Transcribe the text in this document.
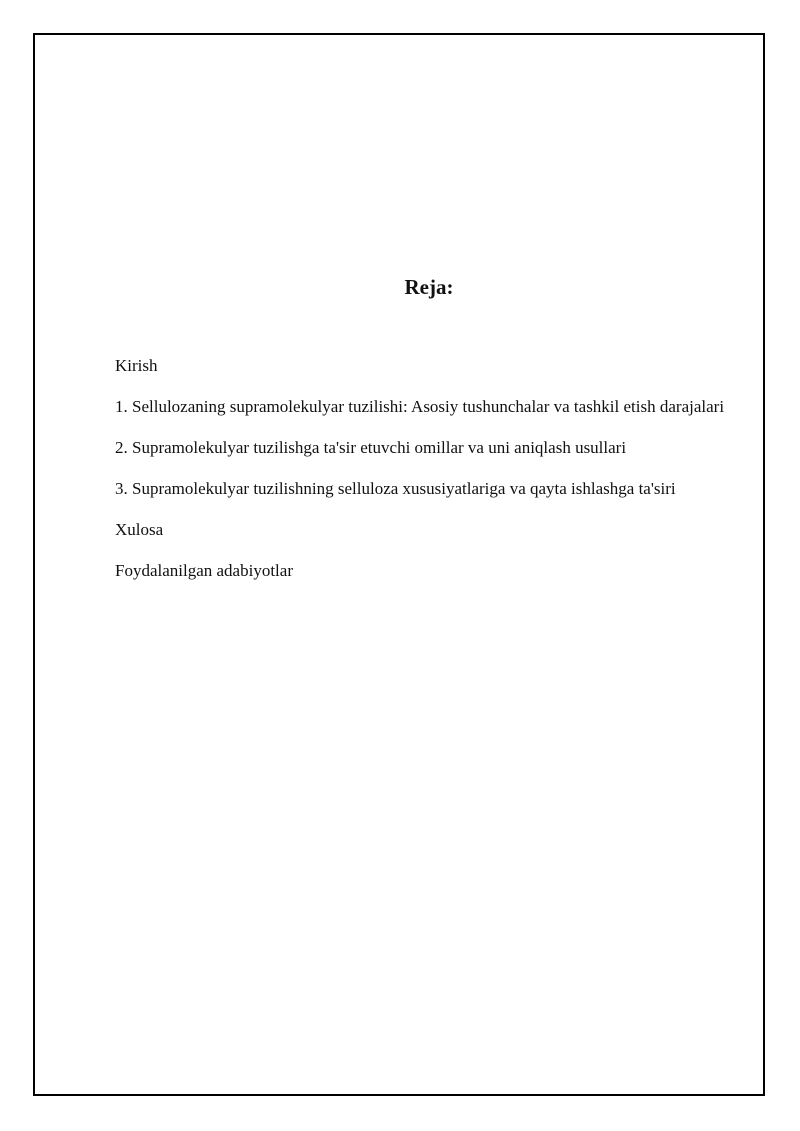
Reja:
Kirish
1. Sellulozaning supramolekulyar tuzilishi: Asosiy tushunchalar va tashkil etish darajalari
2. Supramolekulyar tuzilishga ta'sir etuvchi omillar va uni aniqlash usullari
3. Supramolekulyar tuzilishning selluloza xususiyatlariga va qayta ishlashga ta'siri
Xulosa
Foydalanilgan adabiyotlar
